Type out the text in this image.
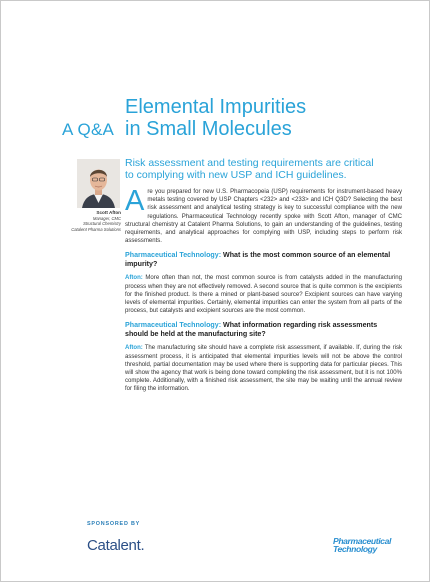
A Q&A
Elemental Impurities
in Small Molecules
Scott Afton
Manager, CMC
Structural Chemistry
Catalent Pharma Solutions
Risk assessment and testing requirements are critical
to complying with new USP and ICH guidelines.

Are you prepared for new U.S. Pharmacopeia (USP) requirements for instrument-based heavy metals testing covered by USP Chapters <232> and <233> and ICH Q3D? Selecting the best risk assessment and analytical testing strategy is key to successful compliance with the new regulations. Pharmaceutical Technology recently spoke with Scott Afton, manager of CMC structural chemistry at Catalent Pharma Solutions, to gain an understanding of the guidelines, testing requirements, and analytical approaches for complying with USP, including steps to perform risk assessments.

Pharmaceutical Technology: What is the most common source of an elemental impurity?

Afton: More often than not, the most common source is from catalysts added in the manufacturing process when they are not effectively removed. A second source that is quite common is the excipients for the finished product. Is there a mined or plant-based source? Excipient sources can have varying levels of elemental impurities. Certainly, elemental impurities can enter the system from all parts of the process, but catalysts and excipient sources are the most common.

Pharmaceutical Technology: What information regarding risk assessments should be held at the manufacturing site?

Afton: The manufacturing site should have a complete risk assessment, if available. If, during the risk assessment process, it is anticipated that elemental impurities levels will not be above the control threshold, partial documentation may be used where there is supporting data for particular pieces. This will show the agency that work is being done toward completing the risk assessment, but it is not 100% complete. Additionally, with a finished risk assessment, the site may be waiting until the annual review for filing the information.

SPONSORED BY
Catalent.	Pharmaceutical
Technology
